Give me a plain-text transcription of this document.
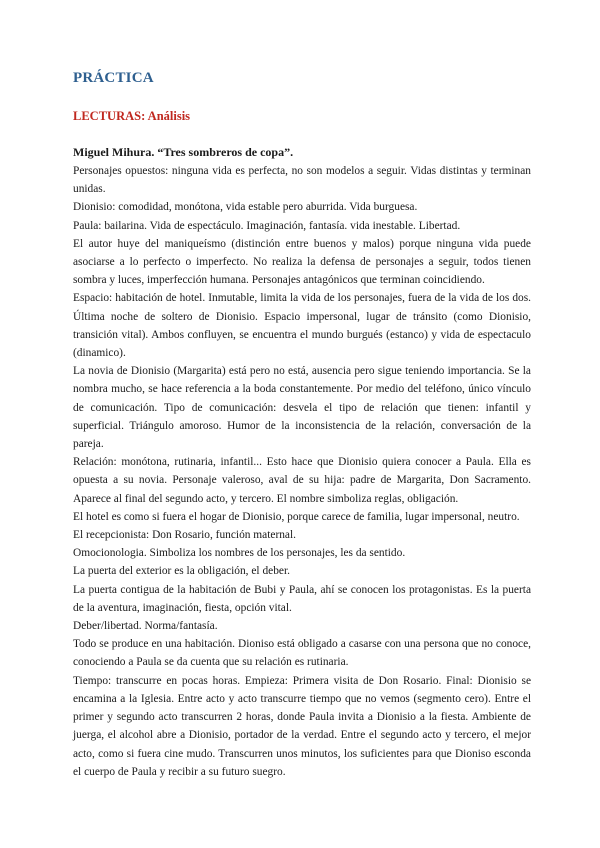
PRÁCTICA
LECTURAS: Análisis
Miguel Mihura. “Tres sombreros de copa”.

Personajes opuestos: ninguna vida es perfecta, no son modelos a seguir. Vidas distintas y terminan unidas.

Dionisio: comodidad, monótona, vida estable pero aburrida. Vida burguesa.

Paula: bailarina. Vida de espectáculo. Imaginación, fantasía. vida inestable. Libertad.

El autor huye del maniqueísmo (distinción entre buenos y malos) porque ninguna vida puede asociarse a lo perfecto o imperfecto. No realiza la defensa de personajes a seguir, todos tienen sombra y luces, imperfección humana. Personajes antagónicos que terminan coincidiendo.

Espacio: habitación de hotel. Inmutable, limita la vida de los personajes, fuera de la vida de los dos. Última noche de soltero de Dionisio. Espacio impersonal, lugar de tránsito (como Dionisio, transición vital). Ambos confluyen, se encuentra el mundo burgués (estanco) y vida de espectaculo (dinamico).

La novia de Dionisio (Margarita) está pero no está, ausencia pero sigue teniendo importancia. Se la nombra mucho, se hace referencia a la boda constantemente. Por medio del teléfono, único vínculo de comunicación. Tipo de comunicación: desvela el tipo de relación que tienen: infantil y superficial. Triángulo amoroso. Humor de la inconsistencia de la relación, conversación de la pareja.

Relación: monótona, rutinaria, infantil... Esto hace que Dionisio quiera conocer a Paula. Ella es opuesta a su novia. Personaje valeroso, aval de su hija: padre de Margarita, Don Sacramento. Aparece al final del segundo acto, y tercero. El nombre simboliza reglas, obligación.

El hotel es como si fuera el hogar de Dionisio, porque carece de familia, lugar impersonal, neutro.

El recepcionista: Don Rosario, función maternal.

Omocionologia. Simboliza los nombres de los personajes, les da sentido.

La puerta del exterior es la obligación, el deber.

La puerta contigua de la habitación de Bubi y Paula, ahí se conocen los protagonistas. Es la puerta de la aventura, imaginación, fiesta, opción vital.

Deber/libertad. Norma/fantasía.

Todo se produce en una habitación. Dioniso está obligado a casarse con una persona que no conoce, conociendo a Paula se da cuenta que su relación es rutinaria.

Tiempo: transcurre en pocas horas. Empieza: Primera visita de Don Rosario. Final: Dionisio se encamina a la Iglesia. Entre acto y acto transcurre tiempo que no vemos (segmento cero). Entre el primer y segundo acto transcurren 2 horas, donde Paula invita a Dionisio a la fiesta. Ambiente de juerga, el alcohol abre a Dionisio, portador de la verdad. Entre el segundo acto y tercero, el mejor acto, como si fuera cine mudo. Transcurren unos minutos, los suficientes para que Dioniso esconda el cuerpo de Paula y recibir a su futuro suegro.
